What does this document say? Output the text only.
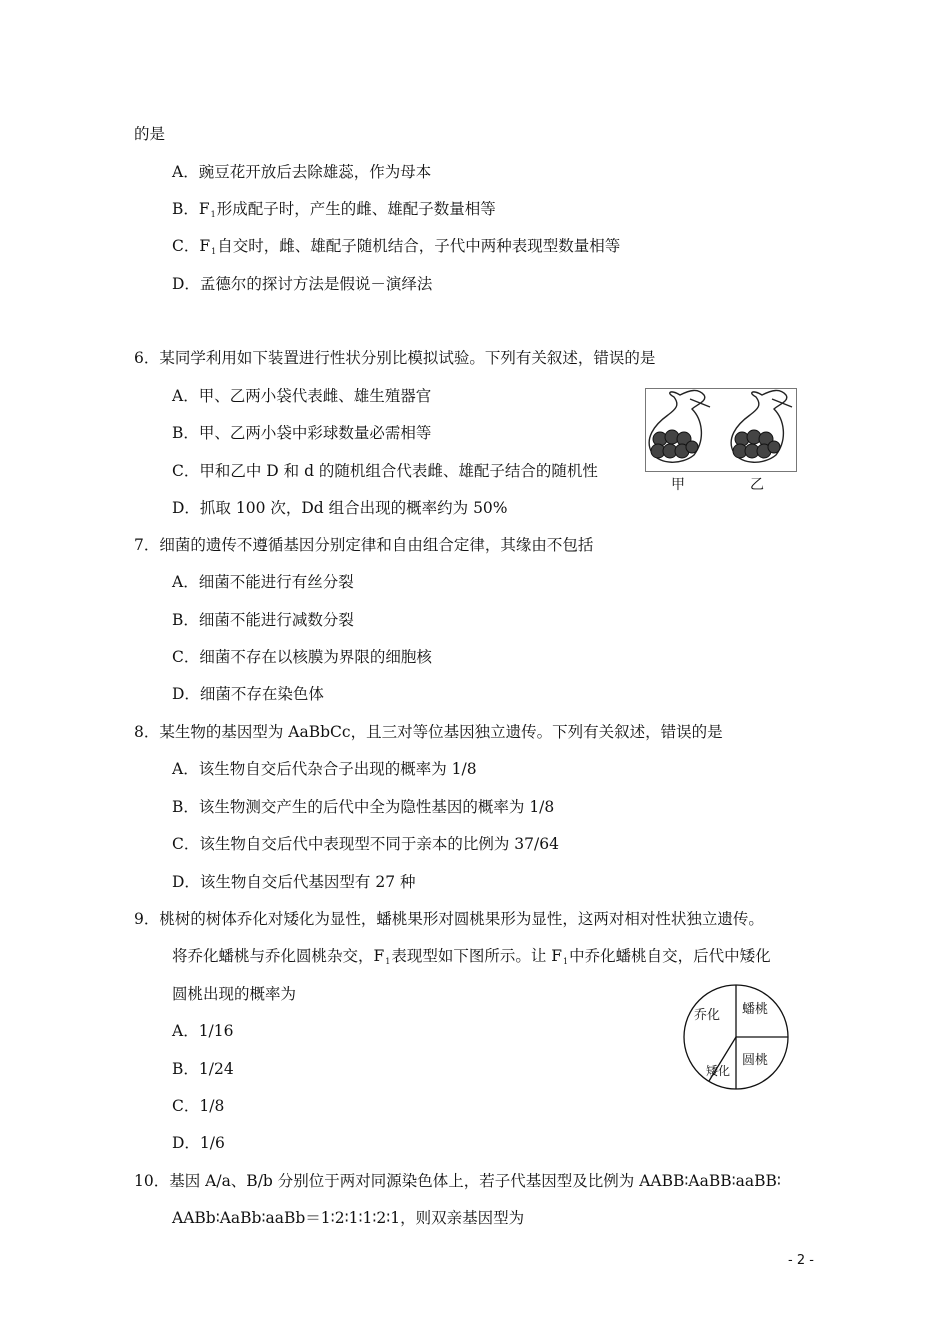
的是
A．豌豆花开放后去除雄蕊，作为母本
B．$F_1$形成配子时，产生的雌、雄配子数量相等
C．$F_1$自交时，雌、雄配子随机结合，子代中两种表现型数量相等
D．孟德尔的探讨方法是假说－演绎法
6．某同学利用如下装置进行性状分别比模拟试验。下列有关叙述，错误的是
A．甲、乙两小袋代表雌、雄生殖器官
B．甲、乙两小袋中彩球数量必需相等
C．甲和乙中 D 和 d 的随机组合代表雌、雄配子结合的随机性
D．抓取 100 次，Dd 组合出现的概率约为 50%
甲	乙
7．细菌的遗传不遵循基因分别定律和自由组合定律，其缘由不包括
A．细菌不能进行有丝分裂
B．细菌不能进行减数分裂
C．细菌不存在以核膜为界限的细胞核
D．细菌不存在染色体
8．某生物的基因型为 AaBbCc，且三对等位基因独立遗传。下列有关叙述，错误的是
A．该生物自交后代杂合子出现的概率为 1/8
B．该生物测交产生的后代中全为隐性基因的概率为 1/8
C．该生物自交后代中表现型不同于亲本的比例为 37/64
D．该生物自交后代基因型有 27 种
9．桃树的树体乔化对矮化为显性，蟠桃果形对圆桃果形为显性，这两对相对性状独立遗传。
将乔化蟠桃与乔化圆桃杂交，$F_1$表现型如下图所示。让 $F_1$中乔化蟠桃自交，后代中矮化
圆桃出现的概率为
A．1/16
B．1/24
C．1/8
D．1/6
乔化 蟠桃
圆桃
矮化
10．基因 A/a、B/b 分别位于两对同源染色体上，若子代基因型及比例为 AABB∶AaBB∶aaBB∶
AABb∶AaBb∶aaBb＝1∶2∶1∶1∶2∶1，则双亲基因型为
- 2 -
